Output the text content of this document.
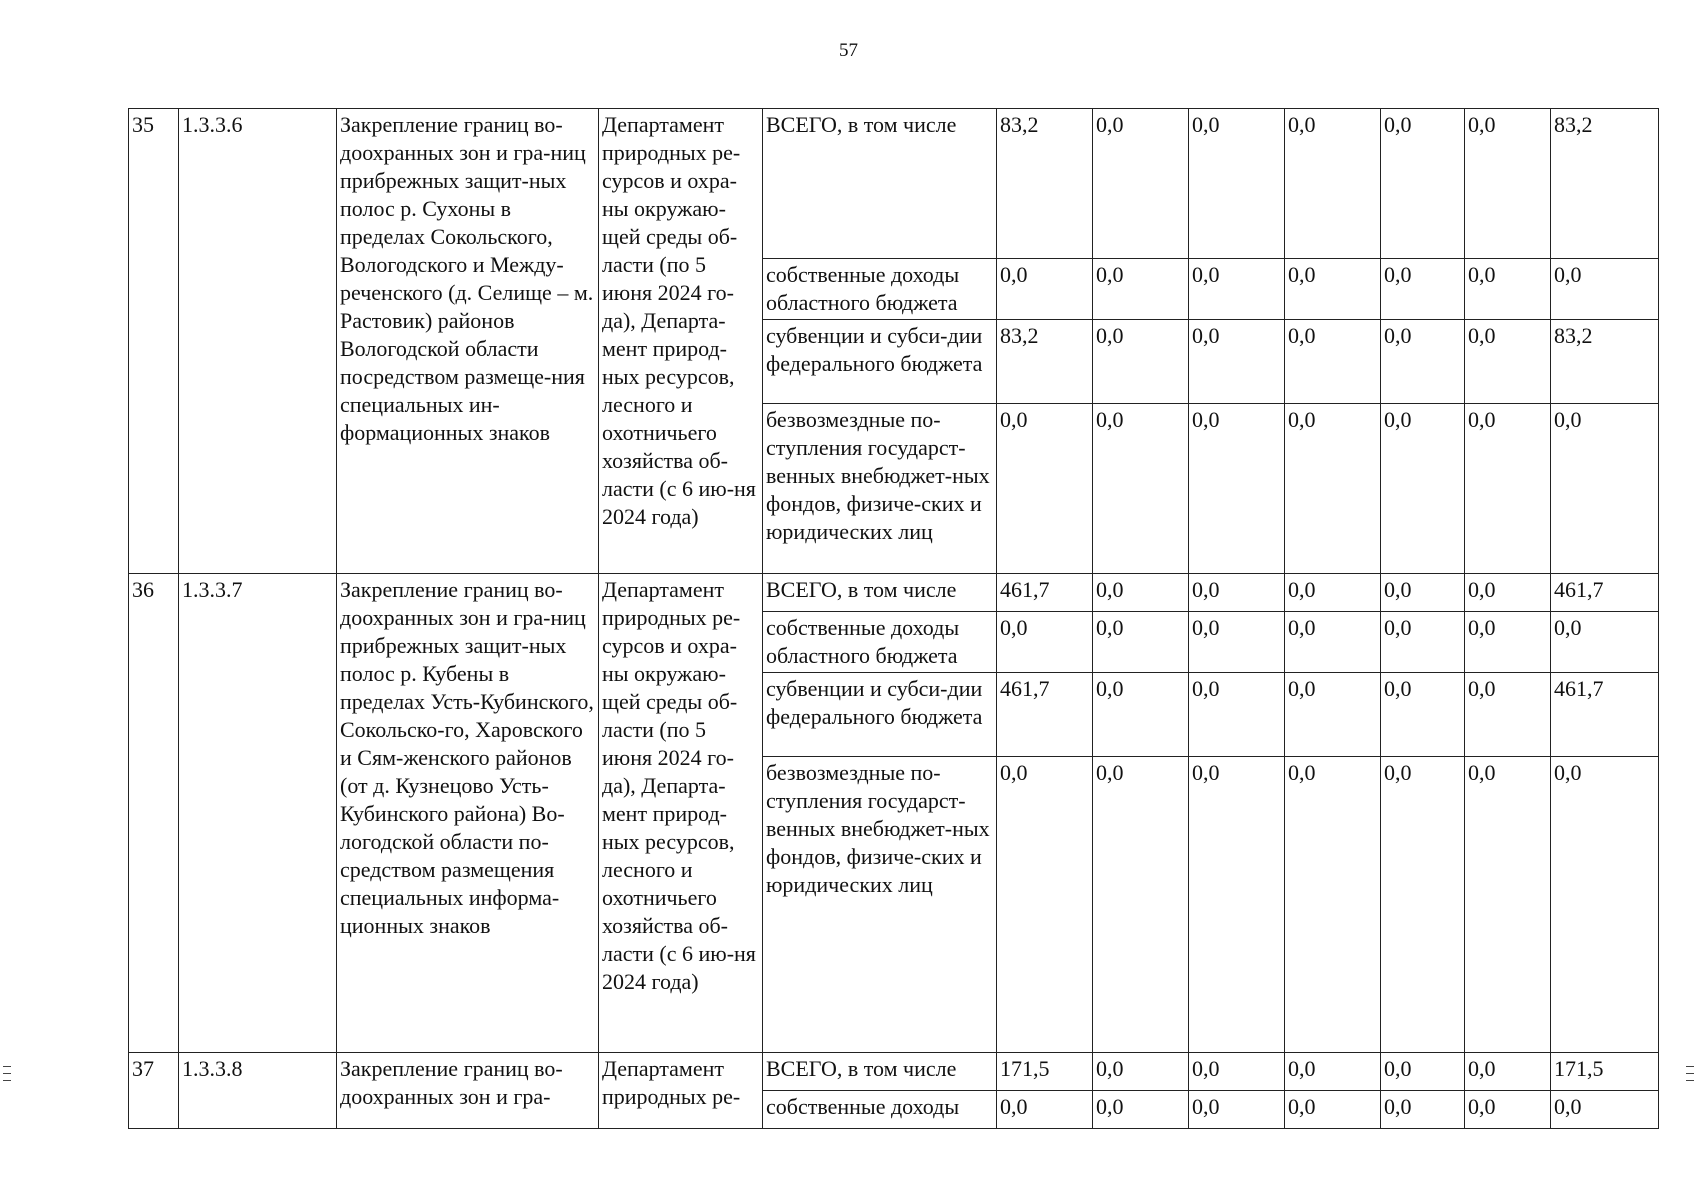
57
35	1.3.3.6	Закрепление границ во-доохранных зон и гра-ниц прибрежных защит-ных полос р. Сухоны в пределах Сокольского, Вологодского и Между-реченского (д. Селище – м. Растовик) районов Вологодской области посредством размеще-ния специальных ин-формационных знаков	Департамент природных ре-сурсов и охра-ны окружаю-щей среды об-ласти (по 5 июня 2024 го-да), Департа-мент природ-ных ресурсов, лесного и охотничьего хозяйства об-ласти (с 6 ию-ня 2024 года)	ВСЕГО, в том числе	83,2	0,0	0,0	0,0	0,0	0,0	83,2
				собственные доходы областного бюджета	0,0	0,0	0,0	0,0	0,0	0,0	0,0
				субвенции и субси-дии федерального бюджета	83,2	0,0	0,0	0,0	0,0	0,0	83,2
				безвозмездные по-ступления государст-венных внебюджет-ных фондов, физиче-ских и юридических лиц	0,0	0,0	0,0	0,0	0,0	0,0	0,0
36	1.3.3.7	Закрепление границ во-доохранных зон и гра-ниц прибрежных защит-ных полос р. Кубены в пределах Усть-Кубинского, Сокольско-го, Харовского и Сям-женского районов (от д. Кузнецово Усть-Кубинского района) Во-логодской области по-средством размещения специальных информа-ционных знаков	Департамент природных ре-сурсов и охра-ны окружаю-щей среды об-ласти (по 5 июня 2024 го-да), Департа-мент природ-ных ресурсов, лесного и охотничьего хозяйства об-ласти (с 6 ию-ня 2024 года)	ВСЕГО, в том числе	461,7	0,0	0,0	0,0	0,0	0,0	461,7
				собственные доходы областного бюджета	0,0	0,0	0,0	0,0	0,0	0,0	0,0
				субвенции и субси-дии федерального бюджета	461,7	0,0	0,0	0,0	0,0	0,0	461,7
				безвозмездные по-ступления государст-венных внебюджет-ных фондов, физиче-ских и юридических лиц	0,0	0,0	0,0	0,0	0,0	0,0	0,0
37	1.3.3.8	Закрепление границ во-доохранных зон и гра-	Департамент природных ре-	ВСЕГО, в том числе	171,5	0,0	0,0	0,0	0,0	0,0	171,5
				собственные доходы	0,0	0,0	0,0	0,0	0,0	0,0	0,0
